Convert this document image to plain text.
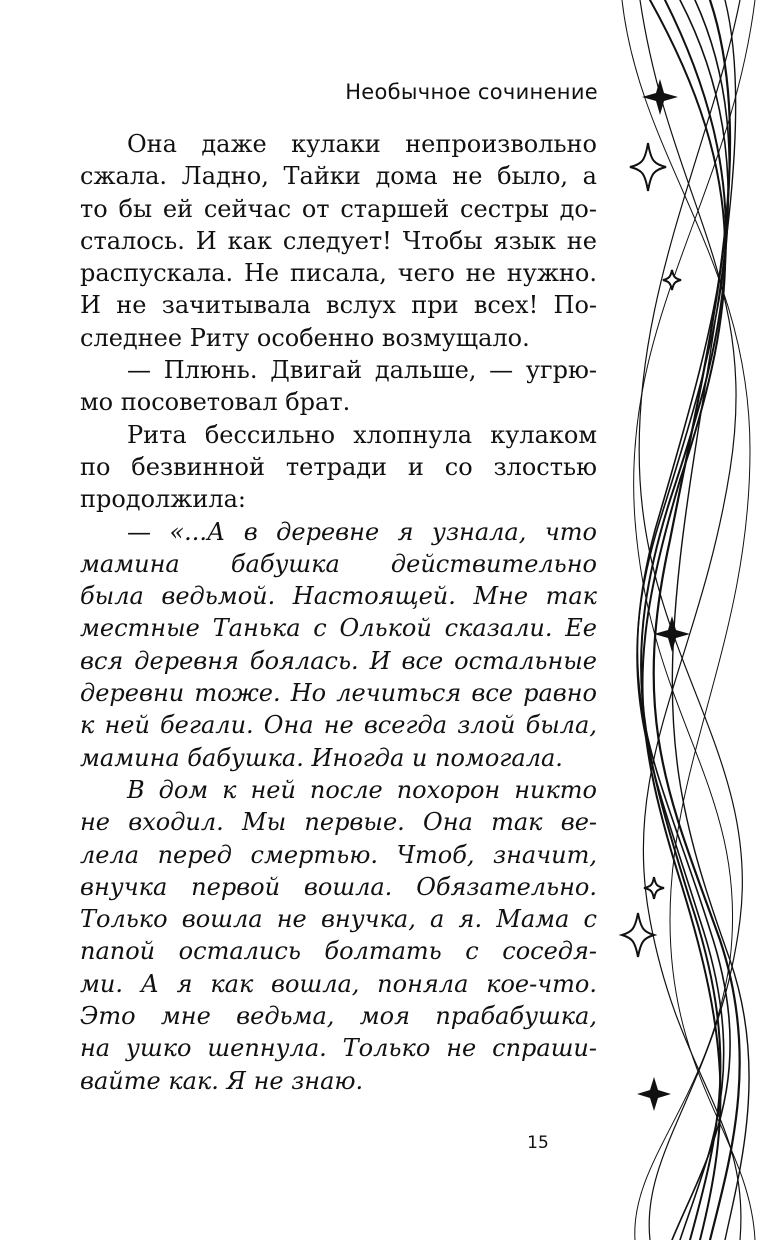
Необычное сочинение
Она даже кулаки непроизвольно
сжала. Ладно, Тайки дома не было, а
то бы ей сейчас от старшей сестры до-
сталось. И как следует! Чтобы язык не
распускала. Не писала, чего не нужно.
И не зачитывала вслух при всех! По-
следнее Риту особенно возмущало.
— Плюнь. Двигай дальше, — угрю-
мо посоветовал брат.
Рита бессильно хлопнула кулаком
по безвинной тетради и со злостью
продолжила:
— «...А в деревне я узнала, что
мамина бабушка действительно
была ведьмой. Настоящей. Мне так
местные Танька с Олькой сказали. Ее
вся деревня боялась. И все остальные
деревни тоже. Но лечиться все равно
к ней бегали. Она не всегда злой была,
мамина бабушка. Иногда и помогала.
В дом к ней после похорон никто
не входил. Мы первые. Она так ве-
лела перед смертью. Чтоб, значит,
внучка первой вошла. Обязательно.
Только вошла не внучка, а я. Мама с
папой остались болтать с соседя-
ми. А я как вошла, поняла кое-что.
Это мне ведьма, моя прабабушка,
на ушко шепнула. Только не спраши-
вайте как. Я не знаю.
15
